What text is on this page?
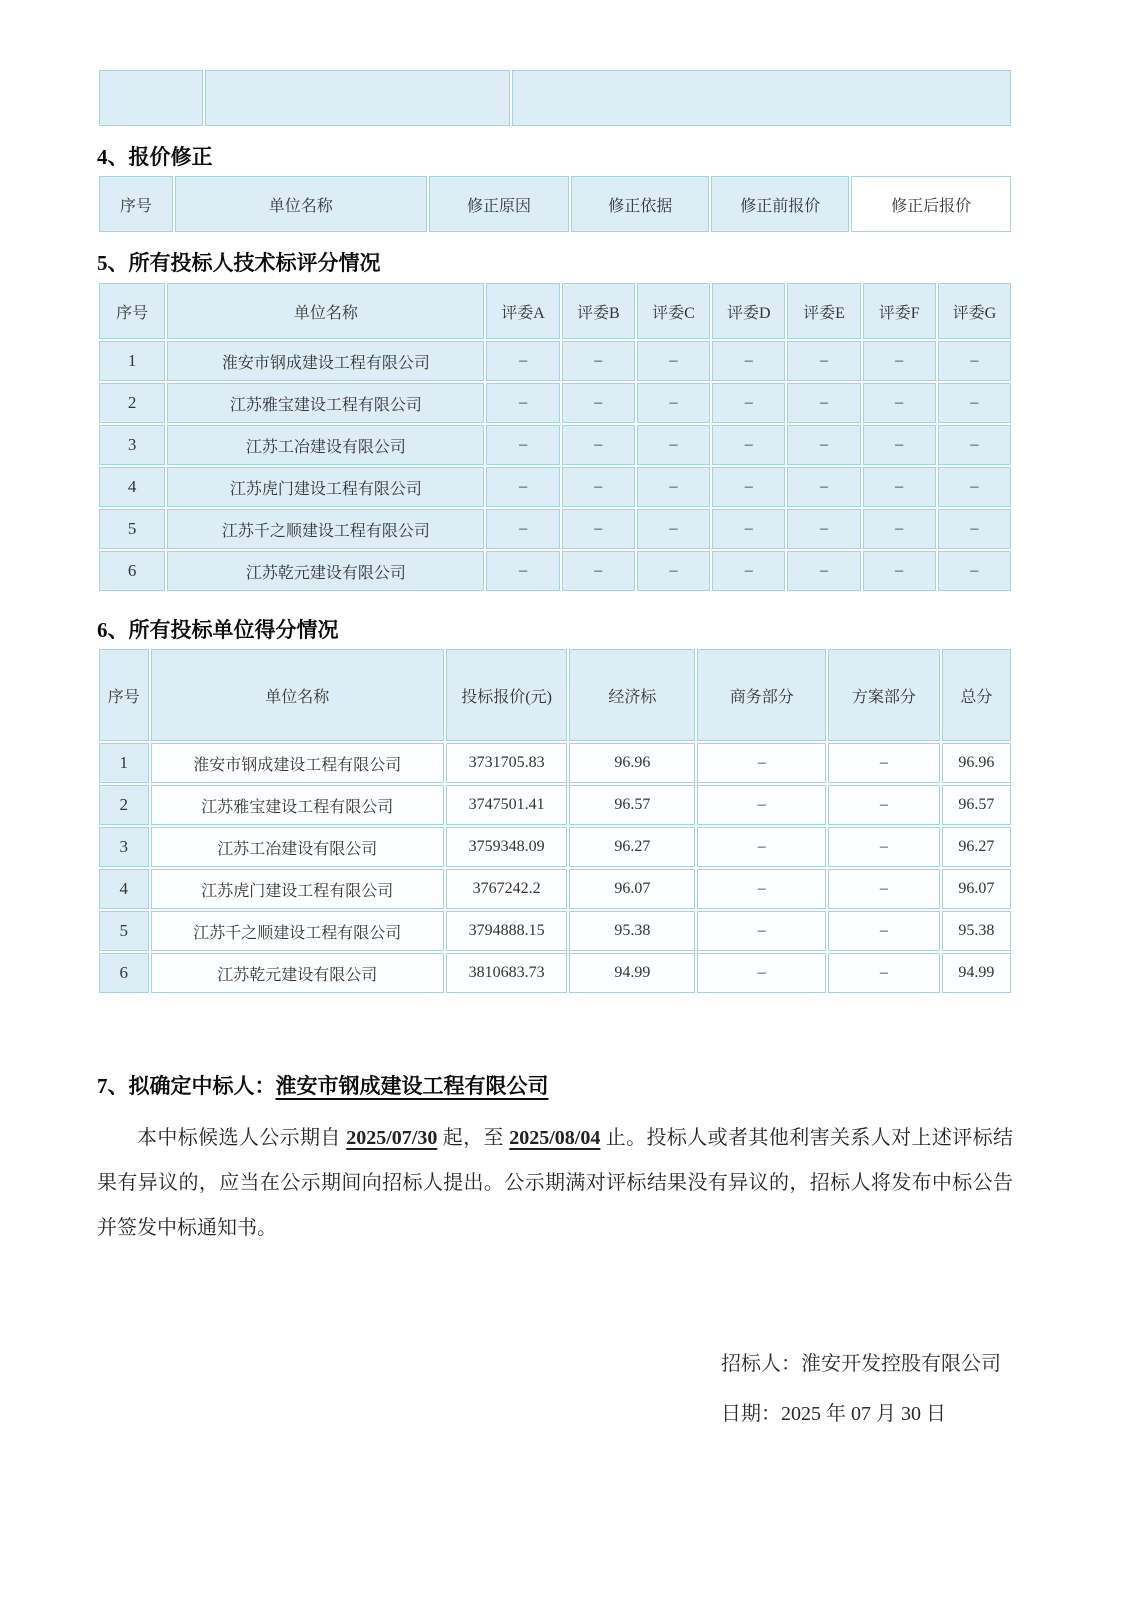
4、报价修正
序号	单位名称	修正原因	修正依据	修正前报价	修正后报价
5、所有投标人技术标评分情况
序号	单位名称	评委A	评委B	评委C	评委D	评委E	评委F	评委G
1	淮安市钢成建设工程有限公司	–	–	–	–	–	–	–
2	江苏雅宝建设工程有限公司	–	–	–	–	–	–	–
3	江苏工冶建设有限公司	–	–	–	–	–	–	–
4	江苏虎门建设工程有限公司	–	–	–	–	–	–	–
5	江苏千之顺建设工程有限公司	–	–	–	–	–	–	–
6	江苏乾元建设有限公司	–	–	–	–	–	–	–
6、所有投标单位得分情况
序号	单位名称	投标报价(元)	经济标	商务部分	方案部分	总分
1	淮安市钢成建设工程有限公司	3731705.83	96.96	–	–	96.96
2	江苏雅宝建设工程有限公司	3747501.41	96.57	–	–	96.57
3	江苏工冶建设有限公司	3759348.09	96.27	–	–	96.27
4	江苏虎门建设工程有限公司	3767242.2	96.07	–	–	96.07
5	江苏千之顺建设工程有限公司	3794888.15	95.38	–	–	95.38
6	江苏乾元建设有限公司	3810683.73	94.99	–	–	94.99
7、拟确定中标人：淮安市钢成建设工程有限公司

本中标候选人公示期自 2025/07/30 起，至 2025/08/04 止。投标人或者其他利害关系人对上述评标结果有异议的，应当在公示期间向招标人提出。公示期满对评标结果没有异议的，招标人将发布中标公告并签发中标通知书。

招标人：淮安开发控股有限公司
日期：2025 年 07 月 30 日
